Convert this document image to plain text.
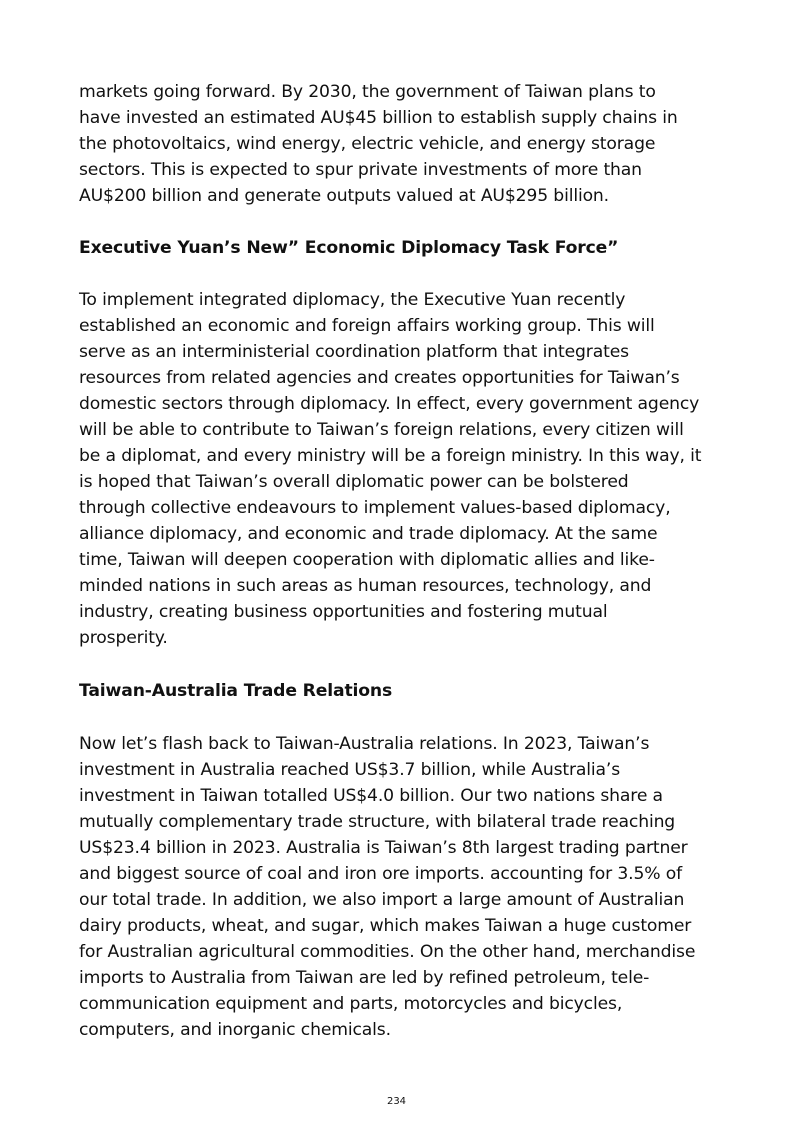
markets going forward. By 2030, the government of Taiwan plans to
have invested an estimated AU$45 billion to establish supply chains in
the photovoltaics, wind energy, electric vehicle, and energy storage
sectors. This is expected to spur private investments of more than
AU$200 billion and generate outputs valued at AU$295 billion.

Executive Yuan’s New” Economic Diplomacy Task Force”

To implement integrated diplomacy, the Executive Yuan recently
established an economic and foreign affairs working group. This will
serve as an interministerial coordination platform that integrates
resources from related agencies and creates opportunities for Taiwan’s
domestic sectors through diplomacy. In effect, every government agency
will be able to contribute to Taiwan’s foreign relations, every citizen will
be a diplomat, and every ministry will be a foreign ministry. In this way, it
is hoped that Taiwan’s overall diplomatic power can be bolstered
through collective endeavours to implement values-based diplomacy,
alliance diplomacy, and economic and trade diplomacy. At the same
time, Taiwan will deepen cooperation with diplomatic allies and like-
minded nations in such areas as human resources, technology, and
industry, creating business opportunities and fostering mutual
prosperity.

Taiwan-Australia Trade Relations

Now let’s flash back to Taiwan-Australia relations. In 2023, Taiwan’s
investment in Australia reached US$3.7 billion, while Australia’s
investment in Taiwan totalled US$4.0 billion. Our two nations share a
mutually complementary trade structure, with bilateral trade reaching
US$23.4 billion in 2023. Australia is Taiwan’s 8th largest trading partner
and biggest source of coal and iron ore imports. accounting for 3.5% of
our total trade. In addition, we also import a large amount of Australian
dairy products, wheat, and sugar, which makes Taiwan a huge customer
for Australian agricultural commodities. On the other hand, merchandise
imports to Australia from Taiwan are led by refined petroleum, tele-
communication equipment and parts, motorcycles and bicycles,
computers, and inorganic chemicals.

234
